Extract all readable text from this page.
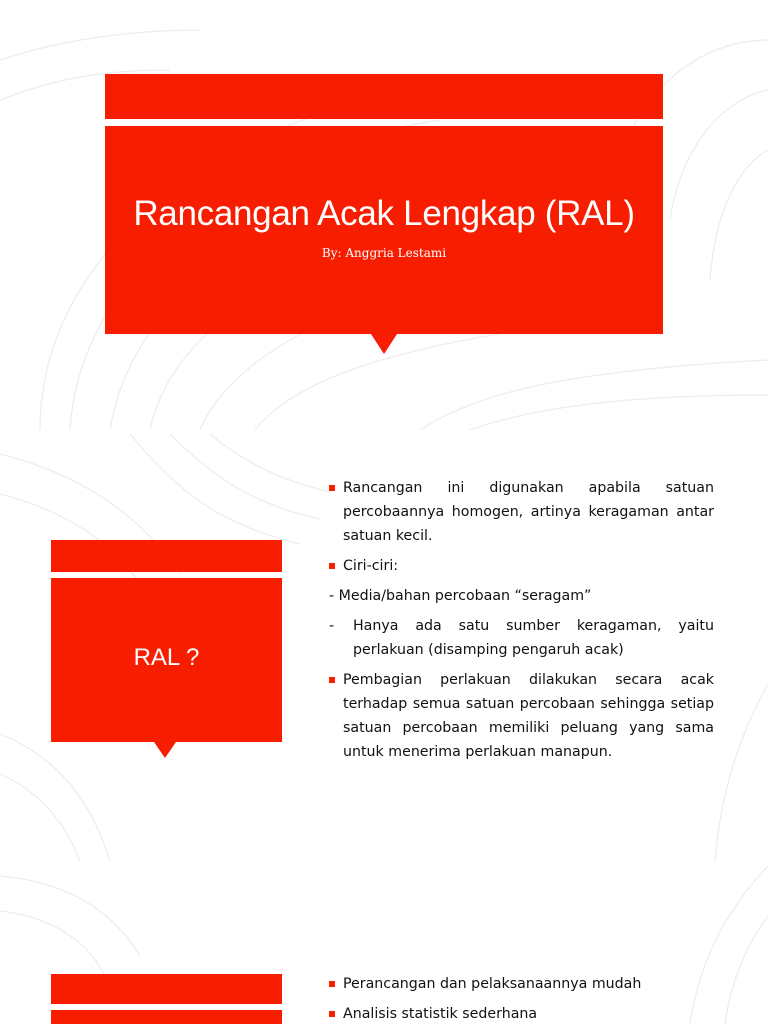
Rancangan Acak Lengkap (RAL)
By: Anggria Lestami
RAL ?
Rancangan ini digunakan apabila satuan percobaannya homogen, artinya keragaman antar satuan kecil.
Ciri-ciri:
- Media/bahan percobaan “seragam”
-	Hanya ada satu sumber keragaman, yaitu perlakuan (disamping pengaruh acak)
Pembagian perlakuan dilakukan secara acak terhadap semua satuan percobaan sehingga setiap satuan percobaan memiliki peluang yang sama untuk menerima perlakuan manapun.
Perancangan dan pelaksanaannya mudah
Analisis statistik sederhana
